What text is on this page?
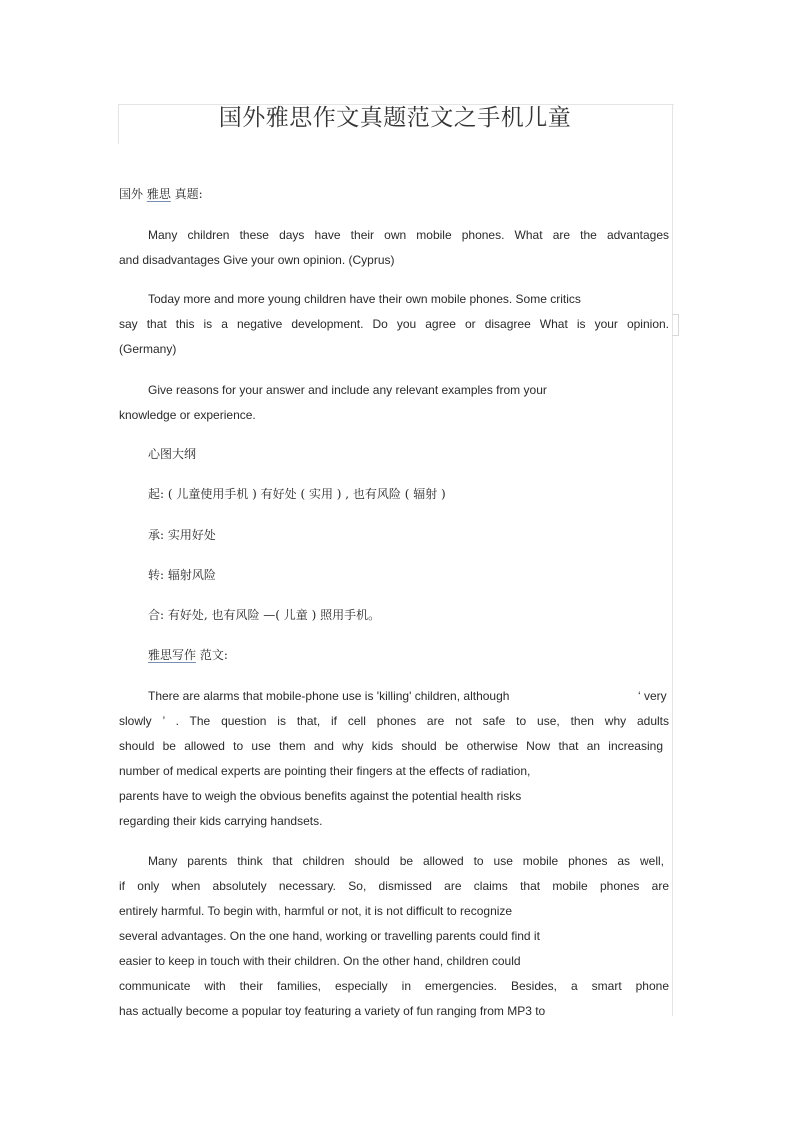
国外雅思作文真题范文之手机儿童
国外 雅思 真题:
Many children these days have their own mobile phones. What are the advantages
and disadvantages Give your own opinion. (Cyprus)
Today more and more young children have their own mobile phones. Some critics
say that this is a negative development. Do you agree or disagree What is your opinion.
(Germany)
Give reasons for your answer and include any relevant examples from your
knowledge or experience.
心图大纲
起: ( 儿童使用手机 ) 有好处 ( 实用 ) , 也有风险 ( 辐射 )
承: 实用好处
转: 辐射风险
合: 有好处, 也有风险 —( 儿童 ) 照用手机。
雅思写作 范文:
There are alarms that mobile-phone use is 'killing' children, although	‘ very
slowly ’ . The question is that, if cell phones are not safe to use, then why adults
should be allowed to use them and why kids should be otherwise Now that an increasing
number of medical experts are pointing their fingers at the effects of radiation,
parents have to weigh the obvious benefits against the potential health risks
regarding their kids carrying handsets.
Many parents think that children should be allowed to use mobile phones as well,
if only when absolutely necessary. So, dismissed are claims that mobile phones are
entirely harmful. To begin with, harmful or not, it is not difficult to recognize
several advantages. On the one hand, working or travelling parents could find it
easier to keep in touch with their children. On the other hand, children could
communicate with their families, especially in emergencies. Besides, a smart phone
has actually become a popular toy featuring a variety of fun ranging from MP3 to
